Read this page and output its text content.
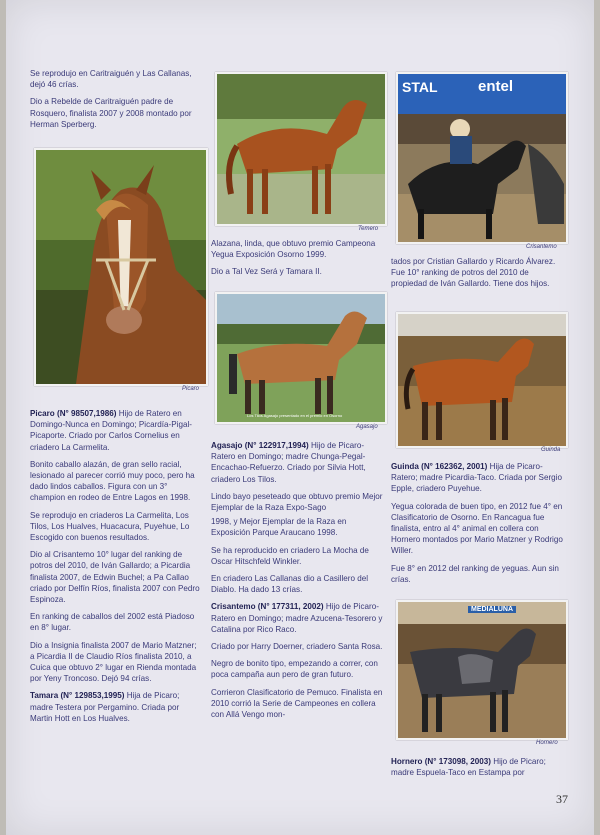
Se reprodujo en Caritraiguén y Las Callanas, dejó 46 crías.

Dio a Rebelde de Caritraiguén padre de Rosquero, finalista 2007 y 2008 montado por Herman Sperberg.

Picaro

Picaro (N° 98507,1986) Hijo de Ratero en Domingo-Nunca en Domingo; Picardía-Pigal-Picaporte. Criado por Carlos Cornelius en criadero La Carmelita.

Bonito caballo alazán, de gran sello racial, lesionado al parecer corrió muy poco, pero ha dado lindos caballos. Figura con un 3° champion en rodeo de Entre Lagos en 1998.

Se reprodujo en criaderos La Carmelita, Los Tilos, Los Hualves, Huacacura, Puyehue, Lo Escogido con buenos resultados.

Dio al Crisantemo 10° lugar del ranking de potros del 2010, de Iván Gallardo; a Picardia finalista 2007, de Edwin Buchel; a Pa Callao criado por Delfín Ríos, finalista 2007 con Pedro Espinoza.

En ranking de caballos del 2002 está Piadoso en 8° lugar.

Dio a Insignia finalista 2007 de Mario Matzner; a Picardia II de Claudio Ríos finalista 2010, a Cuica que obtuvo 2° lugar en Rienda montada por Yeny Troncoso. Dejó 94 crías.

Tamara (N° 129853,1995) Hija de Picaro; madre Testera por Pergamino. Criada por Martin Hott en Los Hualves.

Temero

Alazana, linda, que obtuvo premio Campeona Yegua Exposición Osorno 1999.

Dio a Tal Vez Será y Tamara II.

Los Tilos Agasajo presentado en el premio en Osorno
Agasajo

Agasajo (N° 122917,1994) Hijo de Picaro-Ratero en Domingo; madre Chunga-Pegal-Encachao-Refuerzo. Criado por Silvia Hott, criadero Los Tilos.

Lindo bayo peseteado que obtuvo premio Mejor Ejemplar de la Raza Expo-Sago

1998, y Mejor Ejemplar de la Raza en Exposición Parque Araucano 1998.

Se ha reproducido en criadero La Mocha de Oscar Hitschfeld Winkler.

En criadero Las Callanas dio a Casillero del Diablo. Ha dado 13 crías.

Crisantemo (N° 177311, 2002) Hijo de Picaro-Ratero en Domingo; madre Azucena-Tesorero y Catalina por Rico Raco.

Criado por Harry Doerner, criadero Santa Rosa.

Negro de bonito tipo, empezando a correr, con poca campaña aun pero de gran futuro.

Corrieron Clasificatorio de Pemuco. Finalista en 2010 corrió la Serie de Campeones en collera con Allá Vengo mon-

STAL	entel
Crisantemo

tados por Cristian Gallardo y Ricardo Álvarez. Fue 10° ranking de potros del 2010 de propiedad de Iván Gallardo. Tiene dos hijos.

Guinda

Guinda (N° 162362, 2001) Hija de Picaro-Ratero; madre Picardia-Taco. Criada por Sergio Epple, criadero Puyehue.

Yegua colorada de buen tipo, en 2012 fue 4° en Clasificatorio de Osorno. En Rancagua fue finalista, entro al 4° animal en collera con Hornero montados por Mario Matzner y Rodrigo Willer.

Fue 8° en 2012 del ranking de yeguas. Aun sin crías.

MEDIALUNA
Hornero

Hornero (N° 173098, 2003) Hijo de Picaro; madre Espuela-Taco en Estampa por

37
